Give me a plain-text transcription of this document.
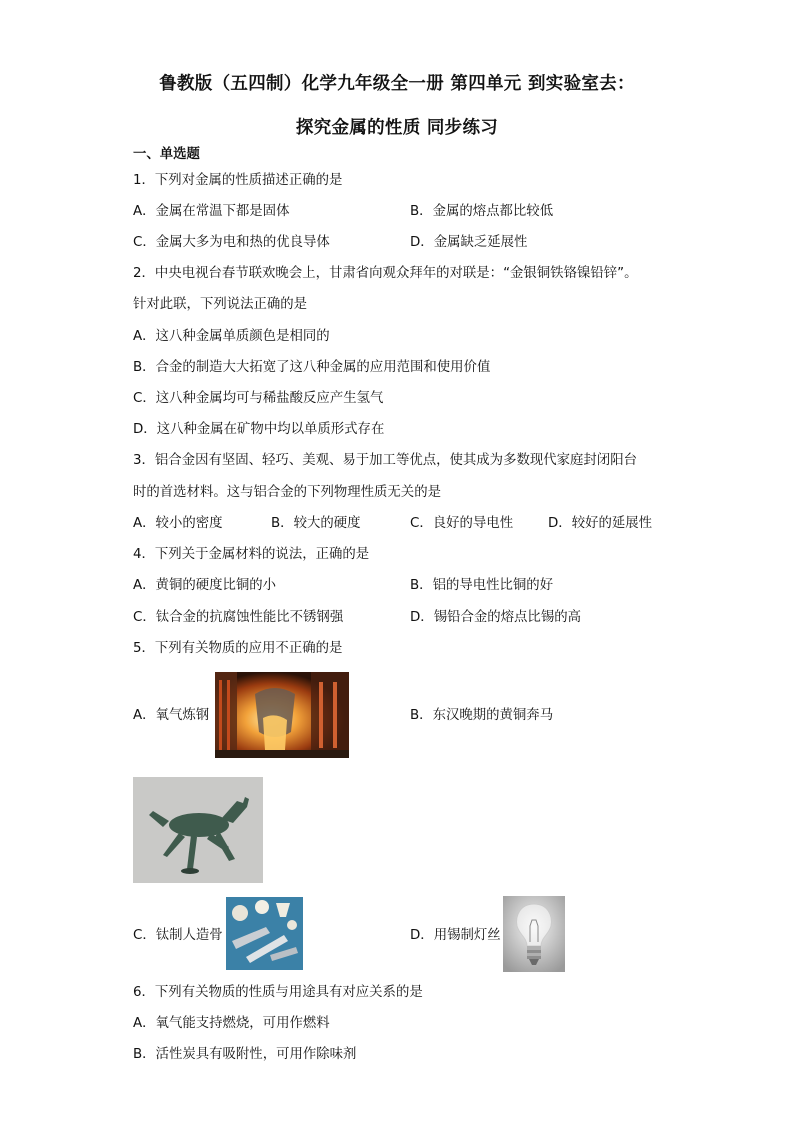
鲁教版（五四制）化学九年级全一册 第四单元 到实验室去：
探究金属的性质 同步练习
一、单选题
1．下列对金属的性质描述正确的是
A．金属在常温下都是固体	B．金属的熔点都比较低
C．金属大多为电和热的优良导体	D．金属缺乏延展性
2．中央电视台春节联欢晚会上，甘肃省向观众拜年的对联是：“金银铜铁铬镍铅锌”。
针对此联，下列说法正确的是
A．这八种金属单质颜色是相同的
B．合金的制造大大拓宽了这八种金属的应用范围和使用价值
C．这八种金属均可与稀盐酸反应产生氢气
D．这八种金属在矿物中均以单质形式存在
3．铝合金因有坚固、轻巧、美观、易于加工等优点，使其成为多数现代家庭封闭阳台
时的首选材料。这与铝合金的下列物理性质无关的是
A．较小的密度	B．较大的硬度	C．良好的导电性	D．较好的延展性
4．下列关于金属材料的说法，正确的是
A．黄铜的硬度比铜的小	B．铝的导电性比铜的好
C．钛合金的抗腐蚀性能比不锈钢强	D．锡铅合金的熔点比锡的高
5．下列有关物质的应用不正确的是
A．氧气炼钢	B．东汉晚期的黄铜奔马
C．钛制人造骨	D．用锡制灯丝
6．下列有关物质的性质与用途具有对应关系的是
A．氧气能支持燃烧，可用作燃料
B．活性炭具有吸附性，可用作除味剂
